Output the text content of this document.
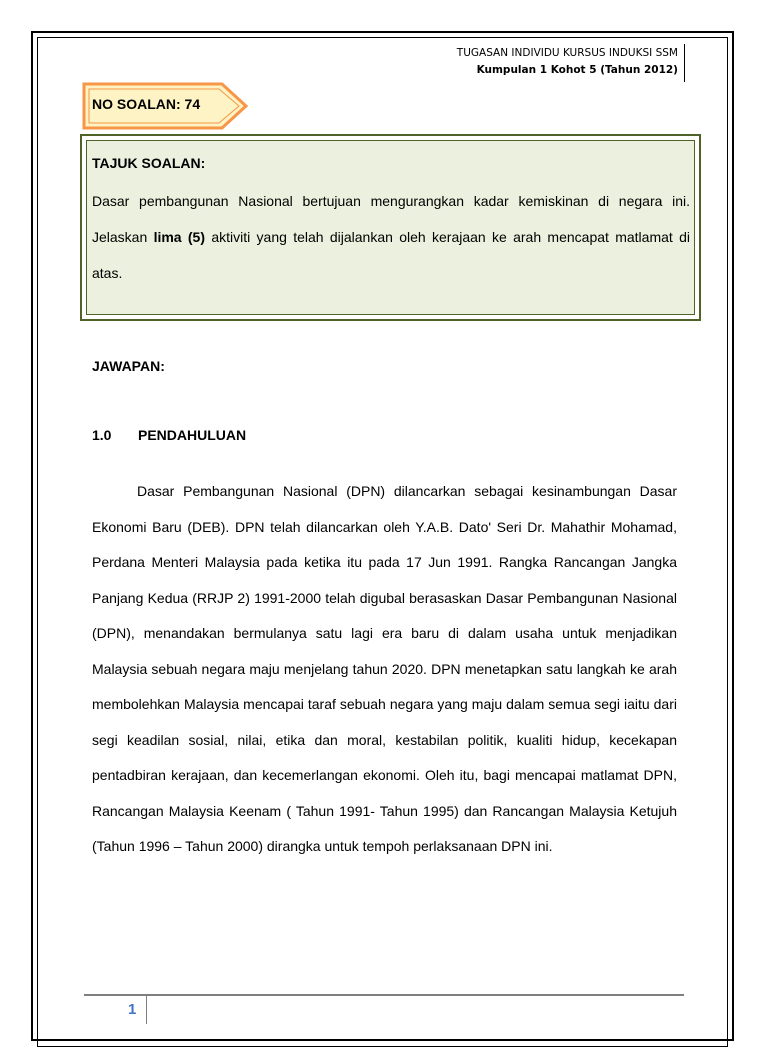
TUGASAN INDIVIDU KURSUS INDUKSI SSM
Kumpulan 1 Kohot 5 (Tahun 2012)
NO SOALAN: 74
TAJUK SOALAN:
Dasar pembangunan Nasional bertujuan mengurangkan kadar kemiskinan di negara ini. Jelaskan lima (5) aktiviti yang telah dijalankan oleh kerajaan ke arah mencapat matlamat di atas.
JAWAPAN:
1.0 PENDAHULUAN
Dasar Pembangunan Nasional (DPN) dilancarkan sebagai kesinambungan Dasar Ekonomi Baru (DEB). DPN telah dilancarkan oleh Y.A.B. Dato' Seri Dr. Mahathir Mohamad, Perdana Menteri Malaysia pada ketika itu pada 17 Jun 1991. Rangka Rancangan Jangka Panjang Kedua (RRJP 2) 1991-2000 telah digubal berasaskan Dasar Pembangunan Nasional (DPN), menandakan bermulanya satu lagi era baru di dalam usaha untuk menjadikan Malaysia sebuah negara maju menjelang tahun 2020. DPN menetapkan satu langkah ke arah membolehkan Malaysia mencapai taraf sebuah negara yang maju dalam semua segi iaitu dari segi keadilan sosial, nilai, etika dan moral, kestabilan politik, kualiti hidup, kecekapan pentadbiran kerajaan, dan kecemerlangan ekonomi. Oleh itu, bagi mencapai matlamat DPN, Rancangan Malaysia Keenam ( Tahun 1991- Tahun 1995) dan Rancangan Malaysia Ketujuh (Tahun 1996 – Tahun 2000) dirangka untuk tempoh perlaksanaan DPN ini.
1
